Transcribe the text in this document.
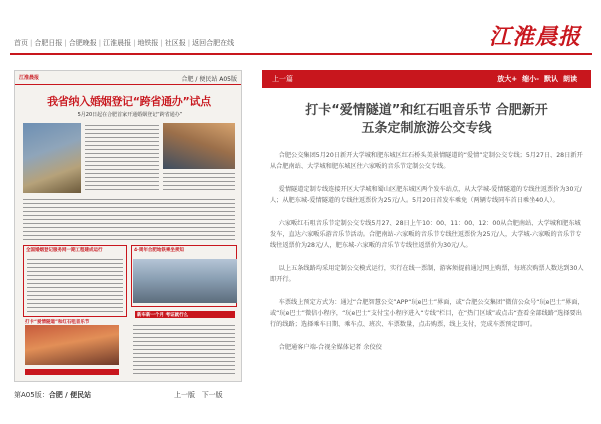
首页 | 合肥日报 | 合肥晚报 | 江淮晨报 | 地铁报 | 社区报 | 返回合肥在线	江淮晨报
江淮晨报	合肥 / 便民站 A05版
我省纳入婚姻登记“跨省通办”试点
5月20日起在合肥首家开通婚姻登记“跨省通办”
全国婚姻登记服务网一期工程建成运行	4·周年合肥地铁乘坐须知
新车新一个月 考证就行么
打卡“爱情隧道”和红石咀音乐节
第A05版：合肥 / 便民站	上一版 下一版
上一篇	放大+ 缩小- 默认 朗读
打卡“爱情隧道”和红石咀音乐节 合肥新开
五条定制旅游公交专线

合肥公交集团5月20日新开大学城和肥东城区红石桥头美景情隧道的“爱情”定制公交专线；5月27日、28日新开从合肥南站、大学城和肥东城区往六家畈的音乐节定制公交专线。

爱情隧道定制专线连接开区大学城和蜀山区肥东城区两个发车站点，从大学城-爱情隧道的专线往返票价为30元/人；从肥东城-爱情隧道的专线往返票价为25元/人。5月20日首发车乘免（两辆专线同车首日乘坐40人）。

六家畈红石咀音乐节定制公交专线5月27、28日上午10：00、11：00、12：00从合肥南站、大学城和肥东城发车，直达六家畈乐游音乐节活动。合肥南站-六家畈的音乐节专线往返票价为25元/人，大学城-六家畈的音乐节专线往返票价为28元/人，肥东城-六家畈的音乐节专线往返票价为30元/人。

以上五条线路均采用定制公交模式运行，实行在线一票制，游客须提前通过网上购票，每班次购票人数达到30人即开行。

车票线上预定方式为：通过“合肥智慧公交”APP“玩e巴士”界面，或“合肥公交集团”微信公众号“玩e巴士”界面，或“玩e巴士”微信小程序，“玩e巴士”支付宝小程序进入“专线”栏目，在“热门区域”或点击“查看全部线路”选择要出行的线路；选择乘车日期、乘车点、班次、车票数量，点击购票，线上支付，完成车票预定即可。

合肥通客户端-合视全媒体记者 余佼佼
